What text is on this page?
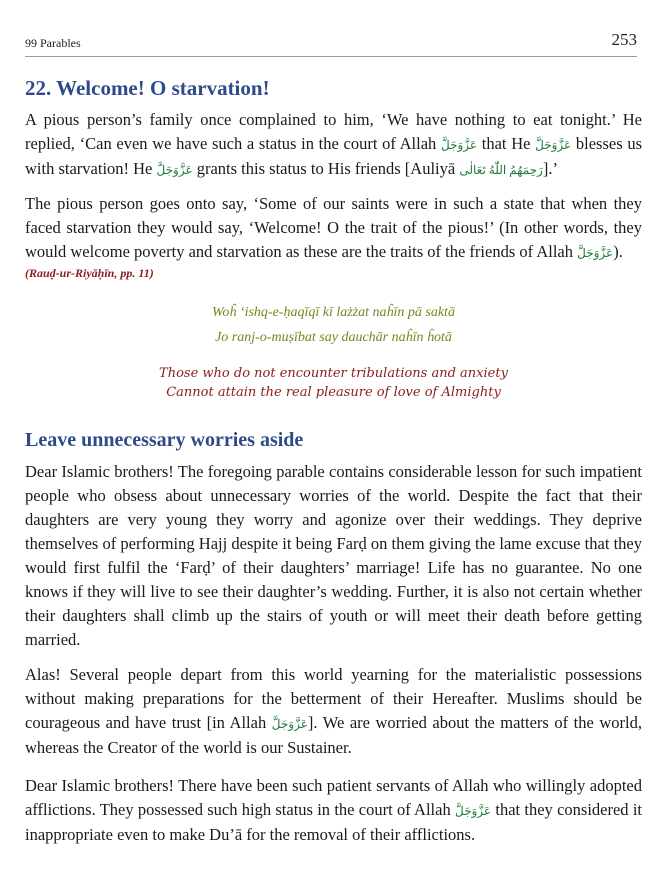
99 Parables	253
22. Welcome! O starvation!

A pious person’s family once complained to him, ‘We have nothing to eat tonight.’ He replied, ‘Can even we have such a status in the court of Allah عَزَّوَجَلَّ that He عَزَّوَجَلَّ blesses us with starvation! He عَزَّوَجَلَّ grants this status to His friends [Auliyā رَحِمَهُمُ اللّٰهُ تَعَالٰی].’

The pious person goes onto say, ‘Some of our saints were in such a state that when they faced starvation they would say, ‘Welcome! O the trait of the pious!’ (In other words, they would welcome poverty and starvation as these are the traits of the friends of Allah عَزَّوَجَلَّ).

(Rauḍ-ur-Riyāḥīn, pp. 11)
Woĥ ‘ishq-e-ḥaqīqī kī lażżat naĥīn pā saktā
Jo ranj-o-muṣībat say dauchār naĥīn ĥotā
Those who do not encounter tribulations and anxiety
Cannot attain the real pleasure of love of Almighty
Leave unnecessary worries aside

Dear Islamic brothers! The foregoing parable contains considerable lesson for such impatient people who obsess about unnecessary worries of the world. Despite the fact that their daughters are very young they worry and agonize over their weddings. They deprive themselves of performing Hajj despite it being Farḍ on them giving the lame excuse that they would first fulfil the ‘Farḍ’ of their daughters’ marriage! Life has no guarantee. No one knows if they will live to see their daughter’s wedding. Further, it is also not certain whether their daughters shall climb up the stairs of youth or will meet their death before getting married.

Alas! Several people depart from this world yearning for the materialistic possessions without making preparations for the betterment of their Hereafter. Muslims should be courageous and have trust [in Allah عَزَّوَجَلَّ]. We are worried about the matters of the world, whereas the Creator of the world is our Sustainer.

Dear Islamic brothers! There have been such patient servants of Allah who willingly adopted afflictions. They possessed such high status in the court of Allah عَزَّوَجَلَّ that they considered it inappropriate even to make Du’ā for the removal of their afflictions.
